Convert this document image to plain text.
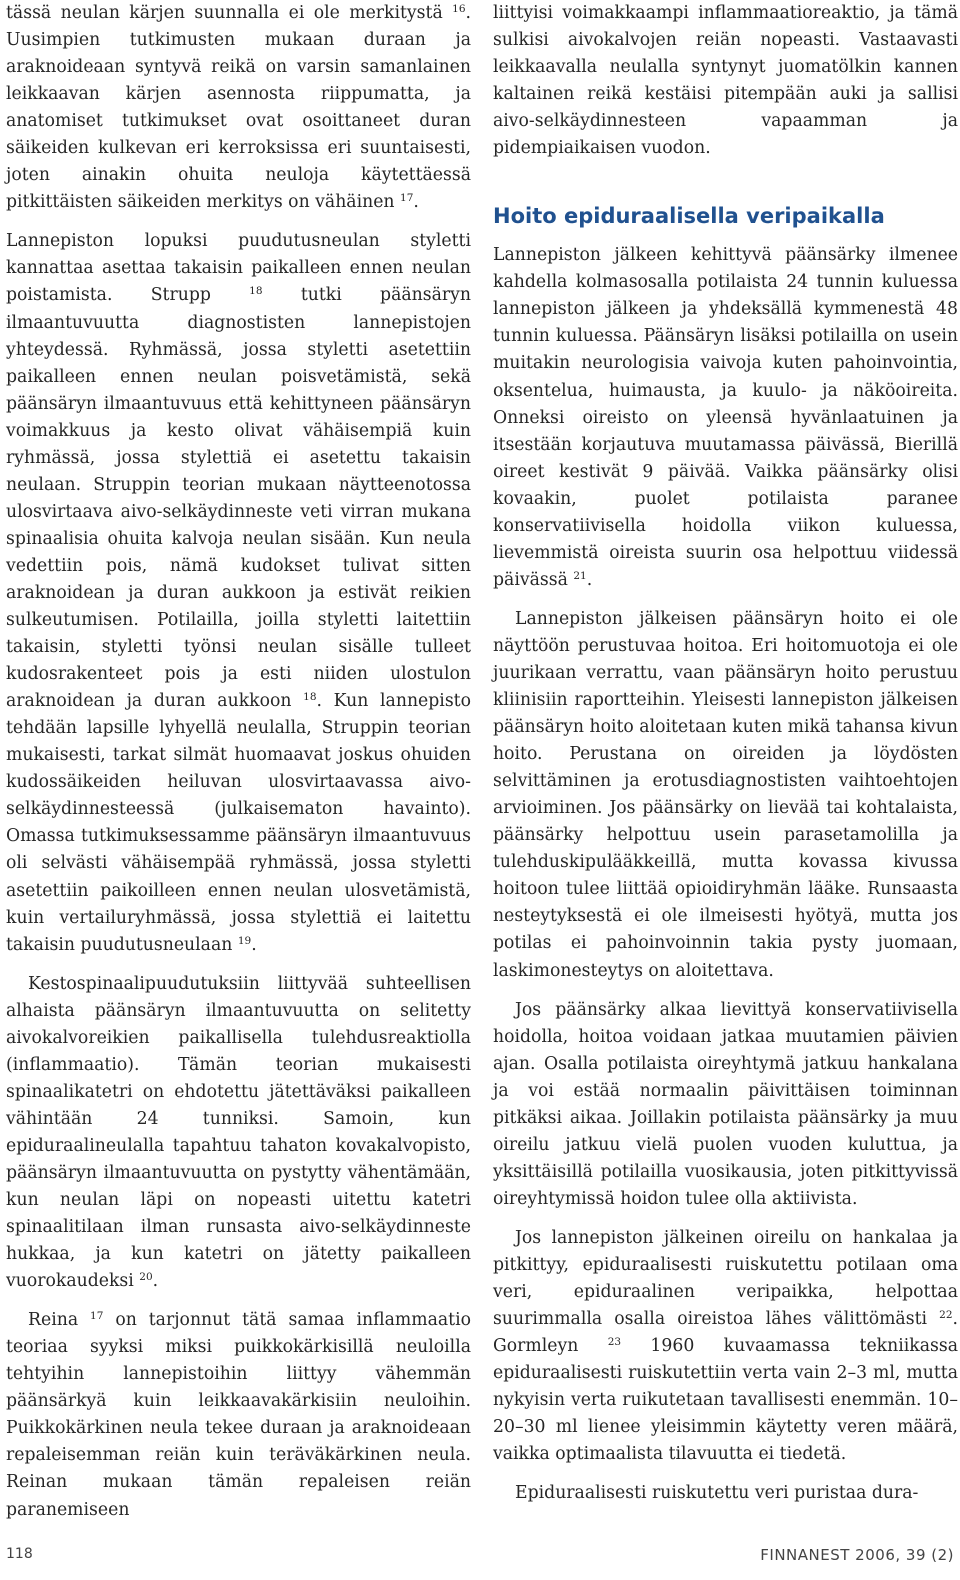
tässä neulan kärjen suunnalla ei ole merkitystä $^{16}$. Uusimpien tutkimusten mukaan duraan ja araknoideaan syntyvä reikä on varsin samanlainen leikkaavan kärjen asennosta riippumatta, ja anatomiset tutkimukset ovat osoittaneet duran säikeiden kulkevan eri kerroksissa eri suuntaisesti, joten ainakin ohuita neuloja käytettäessä pitkittäisten säikeiden merkitys on vähäinen $^{17}$.

Lannepiston lopuksi puudutusneulan styletti kannattaa asettaa takaisin paikalleen ennen neulan poistamista. Strupp $^{18}$ tutki päänsäryn ilmaantuvuutta diagnostisten lannepistojen yhteydessä. Ryhmässä, jossa styletti asetettiin paikalleen ennen neulan poisvetämistä, sekä päänsäryn ilmaantuvuus että kehittyneen päänsäryn voimakkuus ja kesto olivat vähäisempiä kuin ryhmässä, jossa stylettiä ei asetettu takaisin neulaan. Struppin teorian mukaan näytteenotossa ulosvirtaava aivo-selkäydinneste veti virran mukana spinaalisia ohuita kalvoja neulan sisään. Kun neula vedettiin pois, nämä kudokset tulivat sitten araknoidean ja duran aukkoon ja estivät reikien sulkeutumisen. Potilailla, joilla styletti laitettiin takaisin, styletti työnsi neulan sisälle tulleet kudosrakenteet pois ja esti niiden ulostulon araknoidean ja duran aukkoon $^{18}$. Kun lannepisto tehdään lapsille lyhyellä neulalla, Struppin teorian mukaisesti, tarkat silmät huomaavat joskus ohuiden kudossäikeiden heiluvan ulosvirtaavassa aivo-selkäydinnesteessä (julkaisematon havainto). Omassa tutkimuksessamme päänsäryn ilmaantuvuus oli selvästi vähäisempää ryhmässä, jossa styletti asetettiin paikoilleen ennen neulan ulosvetämistä, kuin vertailuryhmässä, jossa stylettiä ei laitettu takaisin puudutusneulaan $^{19}$.

Kestospinaalipuudutuksiin liittyvää suhteellisen alhaista päänsäryn ilmaantuvuutta on selitetty aivokalvoreikien paikallisella tulehdusreaktiolla (inflammaatio). Tämän teorian mukaisesti spinaalikatetri on ehdotettu jätettäväksi paikalleen vähintään 24 tunniksi. Samoin, kun epiduraalineulalla tapahtuu tahaton kovakalvopisto, päänsäryn ilmaantuvuutta on pystytty vähentämään, kun neulan läpi on nopeasti uitettu katetri spinaalitilaan ilman runsasta aivo-selkäydinneste hukkaa, ja kun katetri on jätetty paikalleen vuorokaudeksi $^{20}$.

Reina $^{17}$ on tarjonnut tätä samaa inflammaatio teoriaa syyksi miksi puikkokärkisillä neuloilla tehtyihin lannepistoihin liittyy vähemmän päänsärkyä kuin leikkaavakärkisiin neuloihin. Puikkokärkinen neula tekee duraan ja araknoideaan repaleisemman reiän kuin teräväkärkinen neula. Reinan mukaan tämän repaleisen reiän paranemiseen

liittyisi voimakkaampi inflammaatioreaktio, ja tämä sulkisi aivokalvojen reiän nopeasti. Vastaavasti leikkaavalla neulalla syntynyt juomatölkin kannen kaltainen reikä kestäisi pitempään auki ja sallisi aivo-selkäydinnesteen vapaamman ja pidempiaikaisen vuodon.

Hoito epiduraalisella veripaikalla

Lannepiston jälkeen kehittyvä päänsärky ilmenee kahdella kolmasosalla potilaista 24 tunnin kuluessa lannepiston jälkeen ja yhdeksällä kymmenestä 48 tunnin kuluessa. Päänsäryn lisäksi potilailla on usein muitakin neurologisia vaivoja kuten pahoinvointia, oksentelua, huimausta, ja kuulo- ja näköoireita. Onneksi oireisto on yleensä hyvänlaatuinen ja itsestään korjautuva muutamassa päivässä, Bierillä oireet kestivät 9 päivää. Vaikka päänsärky olisi kovaakin, puolet potilaista paranee konservatiivisella hoidolla viikon kuluessa, lievemmistä oireista suurin osa helpottuu viidessä päivässä $^{21}$.

Lannepiston jälkeisen päänsäryn hoito ei ole näyttöön perustuvaa hoitoa. Eri hoitomuotoja ei ole juurikaan verrattu, vaan päänsäryn hoito perustuu kliinisiin raportteihin. Yleisesti lannepiston jälkeisen päänsäryn hoito aloitetaan kuten mikä tahansa kivun hoito. Perustana on oireiden ja löydösten selvittäminen ja erotusdiagnostisten vaihtoehtojen arvioiminen. Jos päänsärky on lievää tai kohtalaista, päänsärky helpottuu usein parasetamolilla ja tulehduskipulääkkeillä, mutta kovassa kivussa hoitoon tulee liittää opioidiryhmän lääke. Runsaasta nesteytyksestä ei ole ilmeisesti hyötyä, mutta jos potilas ei pahoinvoinnin takia pysty juomaan, laskimonesteytys on aloitettava.

Jos päänsärky alkaa lievittyä konservatiivisella hoidolla, hoitoa voidaan jatkaa muutamien päivien ajan. Osalla potilaista oireyhtymä jatkuu hankalana ja voi estää normaalin päivittäisen toiminnan pitkäksi aikaa. Joillakin potilaista päänsärky ja muu oireilu jatkuu vielä puolen vuoden kuluttua, ja yksittäisillä potilailla vuosikausia, joten pitkittyvissä oireyhtymissä hoidon tulee olla aktiivista.

Jos lannepiston jälkeinen oireilu on hankalaa ja pitkittyy, epiduraalisesti ruiskutettu potilaan oma veri, epiduraalinen veripaikka, helpottaa suurimmalla osalla oireistoa lähes välittömästi $^{22}$. Gormleyn $^{23}$ 1960 kuvaamassa tekniikassa epiduraalisesti ruiskutettiin verta vain 2–3 ml, mutta nykyisin verta ruikutetaan tavallisesti enemmän. 10–20–30 ml lienee yleisimmin käytetty veren määrä, vaikka optimaalista tilavuutta ei tiedetä.

Epiduraalisesti ruiskutettu veri puristaa dura-

118	FINNANEST 2006, 39 (2)
